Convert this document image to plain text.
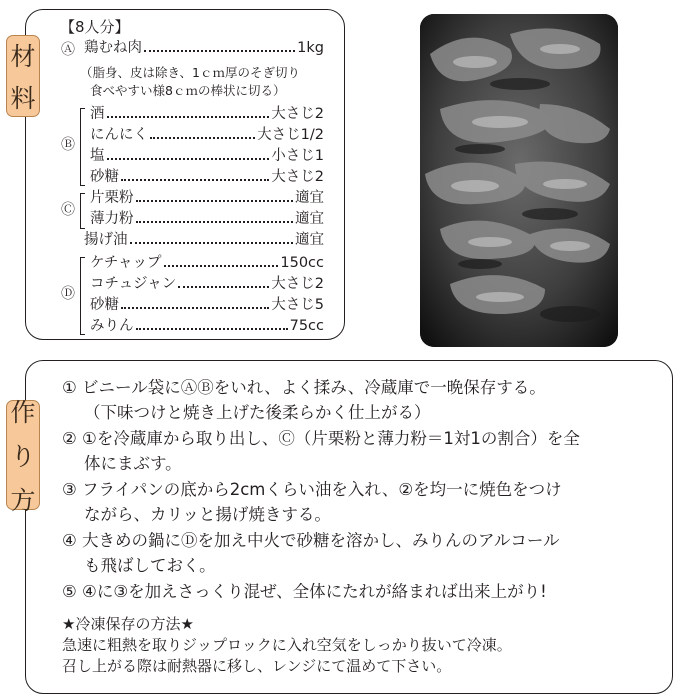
材
料
【8人分】
Ⓐ 鶏むね肉	1kg
（脂身、皮は除き、1ｃｍ厚のそぎ切り
食べやすい様8ｃｍの棒状に切る）
Ⓑ
酒	大さじ2
にんにく	大さじ1/2
塩	小さじ1
砂糖	大さじ2
Ⓒ
片栗粉	適宜
薄力粉	適宜
揚げ油	適宜
Ⓓ
ケチャップ	150cc
コチュジャン	大さじ2
砂糖	大さじ5
みりん	75cc
作
り
方
① ビニール袋にⒶⒷをいれ、よく揉み、冷蔵庫で一晩保存する。
（下味つけと焼き上げた後柔らかく仕上がる）
② ①を冷蔵庫から取り出し、Ⓒ（片栗粉と薄力粉＝1対1の割合）を全
体にまぶす。
③ フライパンの底から2cmくらい油を入れ、②を均一に焼色をつけ
ながら、カリッと揚げ焼きする。
④ 大きめの鍋にⒹを加え中火で砂糖を溶かし、みりんのアルコール
も飛ばしておく。
⑤ ④に③を加えさっくり混ぜ、全体にたれが絡まれば出来上がり!
★冷凍保存の方法★
急速に粗熱を取りジップロックに入れ空気をしっかり抜いて冷凍。
召し上がる際は耐熱器に移し、レンジにて温めて下さい。
